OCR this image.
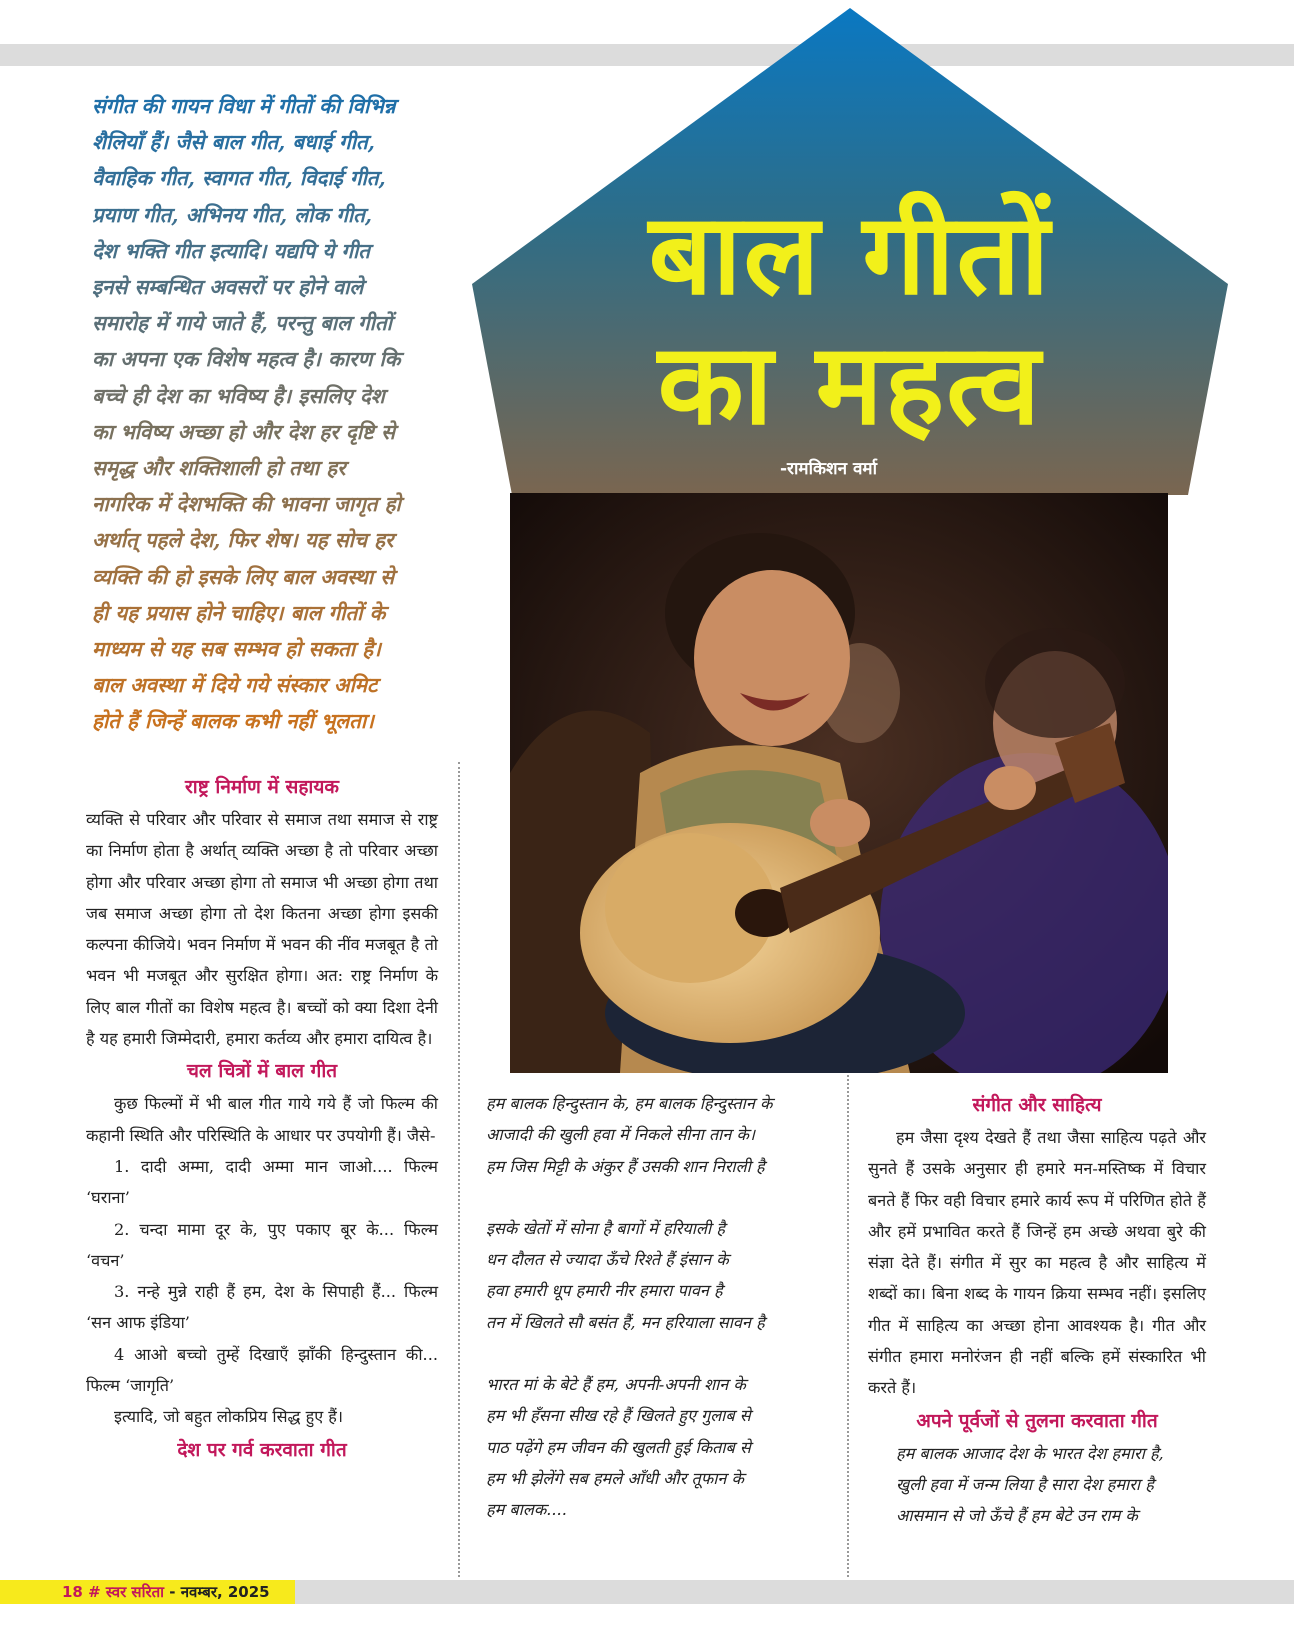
बाल गीतों
का महत्व
-रामकिशन वर्मा
संगीत की गायन विधा में गीतों की विभिन्न
शैलियाँ हैं। जैसे बाल गीत, बधाई गीत,
वैवाहिक गीत, स्वागत गीत, विदाई गीत,
प्रयाण गीत, अभिनय गीत, लोक गीत,
देश भक्ति गीत इत्यादि। यद्यपि ये गीत
इनसे सम्बन्धित अवसरों पर होने वाले
समारोह में गाये जाते हैं, परन्तु बाल गीतों
का अपना एक विशेष महत्व है। कारण कि
बच्चे ही देश का भविष्य है। इसलिए देश
का भविष्य अच्छा हो और देश हर दृष्टि से
समृद्ध और शक्तिशाली हो तथा हर
नागरिक में देशभक्ति की भावना जागृत हो
अर्थात् पहले देश, फिर शेष। यह सोच हर
व्यक्ति की हो इसके लिए बाल अवस्था से
ही यह प्रयास होने चाहिए। बाल गीतों के
माध्यम से यह सब सम्भव हो सकता है।
बाल अवस्था में दिये गये संस्कार अमिट
होते हैं जिन्हें बालक कभी नहीं भूलता।
राष्ट्र निर्माण में सहायक

व्यक्ति से परिवार और परिवार से समाज तथा समाज से राष्ट्र का निर्माण होता है अर्थात् व्यक्ति अच्छा है तो परिवार अच्छा होगा और परिवार अच्छा होगा तो समाज भी अच्छा होगा तथा जब समाज अच्छा होगा तो देश कितना अच्छा होगा इसकी कल्पना कीजिये। भवन निर्माण में भवन की नींव मजबूत है तो भवन भी मजबूत और सुरक्षित होगा। अत: राष्ट्र निर्माण के लिए बाल गीतों का विशेष महत्व है। बच्चों को क्या दिशा देनी है यह हमारी जिम्मेदारी, हमारा कर्तव्य और हमारा दायित्व है।

चल चित्रों में बाल गीत

कुछ फिल्मों में भी बाल गीत गाये गये हैं जो फिल्म की कहानी स्थिति और परिस्थिति के आधार पर उपयोगी हैं। जैसे-

1. दादी अम्मा, दादी अम्मा मान जाओ.... फिल्म ‘घराना’

2. चन्दा मामा दूर के, पुए पकाए बूर के... फिल्म ‘वचन’

3. नन्हे मुन्ने राही हैं हम, देश के सिपाही हैं... फिल्म ‘सन आफ इंडिया’

4 आओ बच्चो तुम्हें दिखाएँ झाँकी हिन्दुस्तान की... फिल्म ‘जागृति’

इत्यादि, जो बहुत लोकप्रिय सिद्ध हुए हैं।

देश पर गर्व करवाता गीत
हम बालक हिन्दुस्तान के, हम बालक हिन्दुस्तान के
आजादी की खुली हवा में निकले सीना तान के।
हम जिस मिट्टी के अंकुर हैं उसकी शान निराली है
इसके खेतों में सोना है बागों में हरियाली है
धन दौलत से ज्यादा ऊँचे रिश्ते हैं इंसान के
हवा हमारी धूप हमारी नीर हमारा पावन है
तन में खिलते सौ बसंत हैं, मन हरियाला सावन है
भारत मां के बेटे हैं हम, अपनी-अपनी शान के
हम भी हँसना सीख रहे हैं खिलते हुए गुलाब से
पाठ पढ़ेंगे हम जीवन की खुलती हुई किताब से
हम भी झेलेंगे सब हमले आँधी और तूफान के
हम बालक....
संगीत और साहित्य

हम जैसा दृश्य देखते हैं तथा जैसा साहित्य पढ़ते और सुनते हैं उसके अनुसार ही हमारे मन-मस्तिष्क में विचार बनते हैं फिर वही विचार हमारे कार्य रूप में परिणित होते हैं और हमें प्रभावित करते हैं जिन्हें हम अच्छे अथवा बुरे की संज्ञा देते हैं। संगीत में सुर का महत्व है और साहित्य में शब्दों का। बिना शब्द के गायन क्रिया सम्भव नहीं। इसलिए गीत में साहित्य का अच्छा होना आवश्यक है। गीत और संगीत हमारा मनोरंजन ही नहीं बल्कि हमें संस्कारित भी करते हैं।

अपने पूर्वजों से तुलना करवाता गीत
हम बालक आजाद देश के भारत देश हमारा है,
खुली हवा में जन्म लिया है सारा देश हमारा है
आसमान से जो ऊँचे हैं हम बेटे उन राम के
18 # स्वर सरिता - नवम्बर, 2025
